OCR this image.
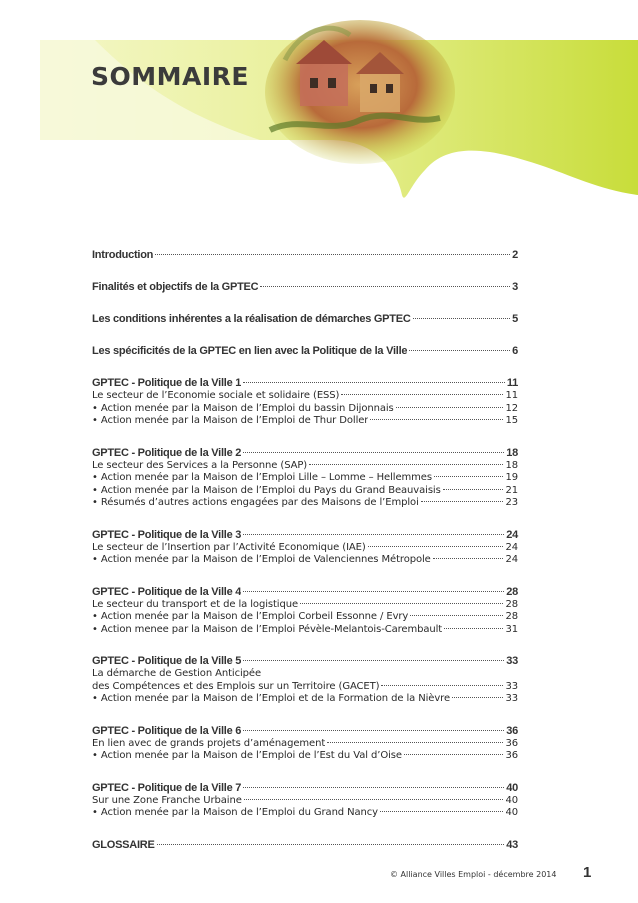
SOMMAIRE
Introduction	2
Finalités et objectifs de la GPTEC	3
Les conditions inhérentes a la réalisation de démarches GPTEC	5
Les spécificités de la GPTEC en lien avec la Politique de la Ville	6
GPTEC - Politique de la Ville 1	11
Le secteur de l’Economie sociale et solidaire (ESS)	11
• Action menée par la Maison de l’Emploi du bassin Dijonnais	12
• Action menée par la Maison de l’Emploi de Thur Doller	15
GPTEC - Politique de la Ville 2	18
Le secteur des Services a la Personne (SAP)	18
• Action menée par la Maison de l’Emploi Lille – Lomme – Hellemmes	19
• Action menée par la Maison de l’Emploi du Pays du Grand Beauvaisis	21
• Résumés d’autres actions engagées par des Maisons de l’Emploi	23
GPTEC - Politique de la Ville 3	24
Le secteur de l’Insertion par l’Activité Economique (IAE)	24
• Action menée par la Maison de l’Emploi de Valenciennes Métropole	24
GPTEC - Politique de la Ville 4	28
Le secteur du transport et de la logistique	28
• Action menée par la Maison de l’Emploi Corbeil Essonne / Evry	28
• Action menee par la Maison de l’Emploi Pévèle-Melantois-Carembault	31
GPTEC - Politique de la Ville 5	33
La démarche de Gestion Anticipée
des Compétences et des Emplois sur un Territoire (GACET)	33
• Action menée par la Maison de l’Emploi et de la Formation de la Nièvre	33
GPTEC - Politique de la Ville 6	36
En lien avec de grands projets d’aménagement	36
• Action menée par la Maison de l’Emploi de l’Est du Val d’Oise	36
GPTEC - Politique de la Ville 7	40
Sur une Zone Franche Urbaine	40
• Action menée par la Maison de l’Emploi du Grand Nancy	40
GLOSSAIRE	43
© Alliance Villes Emploi - décembre 2014 1
